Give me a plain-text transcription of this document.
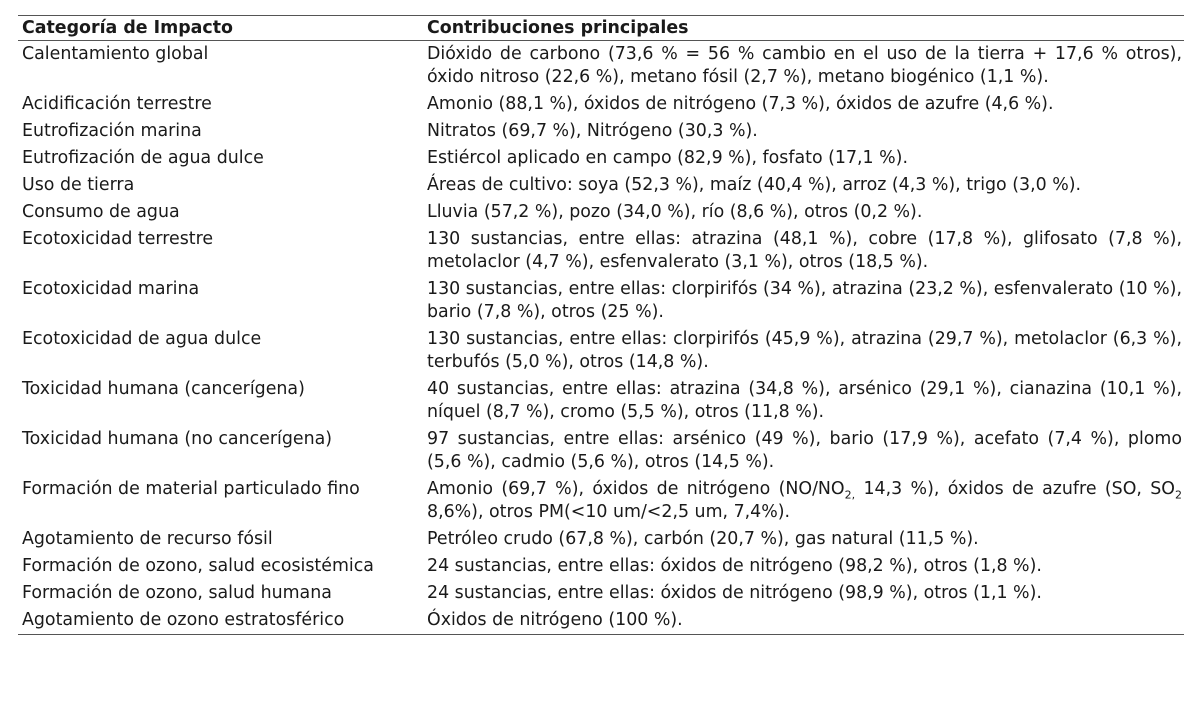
Categoría de Impacto	Contribuciones principales
Calentamiento global	Dióxido de carbono (73,6 % = 56 % cambio en el uso de la tierra + 17,6 % otros), óxido nitroso (22,6 %), metano fósil (2,7 %), metano biogénico (1,1 %).
Acidificación terrestre	Amonio (88,1 %), óxidos de nitrógeno (7,3 %), óxidos de azufre (4,6 %).
Eutrofización marina	Nitratos (69,7 %), Nitrógeno (30,3 %).
Eutrofización de agua dulce	Estiércol aplicado en campo (82,9 %), fosfato (17,1 %).
Uso de tierra	Áreas de cultivo: soya (52,3 %), maíz (40,4 %), arroz (4,3 %), trigo (3,0 %).
Consumo de agua	Lluvia (57,2 %), pozo (34,0 %), río (8,6 %), otros (0,2 %).
Ecotoxicidad terrestre	130 sustancias, entre ellas: atrazina (48,1 %), cobre (17,8 %), glifosato (7,8 %), metolaclor (4,7 %), esfenvalerato (3,1 %), otros (18,5 %).
Ecotoxicidad marina	130 sustancias, entre ellas: clorpirifós (34 %), atrazina (23,2 %), esfenvalerato (10 %), bario (7,8 %), otros (25 %).
Ecotoxicidad de agua dulce	130 sustancias, entre ellas: clorpirifós (45,9 %), atrazina (29,7 %), metolaclor (6,3 %), terbufós (5,0 %), otros (14,8 %).
Toxicidad humana (cancerígena)	40 sustancias, entre ellas: atrazina (34,8 %), arsénico (29,1 %), cianazina (10,1 %), níquel (8,7 %), cromo (5,5 %), otros (11,8 %).
Toxicidad humana (no cancerígena)	97 sustancias, entre ellas: arsénico (49 %), bario (17,9 %), acefato (7,4 %), plomo (5,6 %), cadmio (5,6 %), otros (14,5 %).
Formación de material particulado fino	Amonio (69,7 %), óxidos de nitrógeno ($NO/NO_{2,}$ 14,3 %), óxidos de azufre (SO, $SO_2$ 8,6%), otros PM(<10 um/<2,5 um, 7,4%).
Agotamiento de recurso fósil	Petróleo crudo (67,8 %), carbón (20,7 %), gas natural (11,5 %).
Formación de ozono, salud ecosistémica	24 sustancias, entre ellas: óxidos de nitrógeno (98,2 %), otros (1,8 %).
Formación de ozono, salud humana	24 sustancias, entre ellas: óxidos de nitrógeno (98,9 %), otros (1,1 %).
Agotamiento de ozono estratosférico	Óxidos de nitrógeno (100 %).
